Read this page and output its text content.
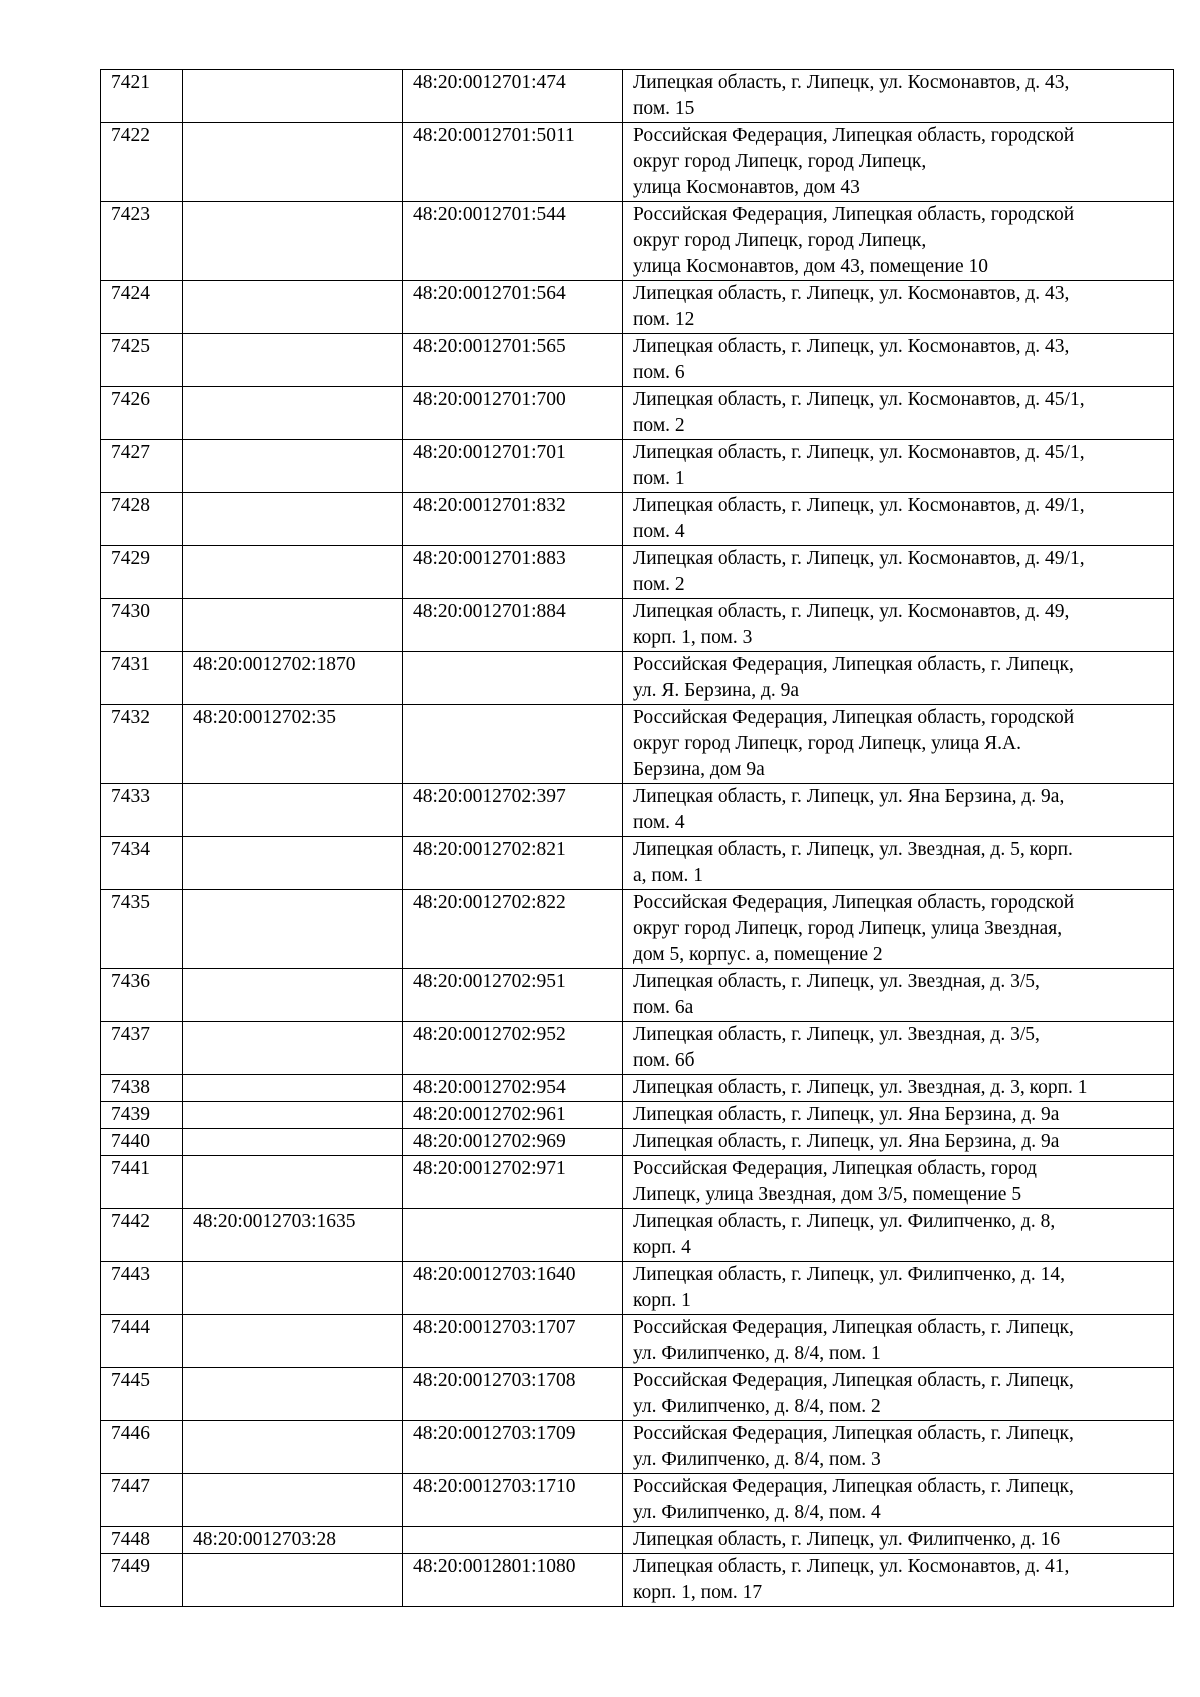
7421		48:20:0012701:474	Липецкая область, г. Липецк, ул. Космонавтов, д. 43,
пом. 15

7422		48:20:0012701:5011	Российская Федерация, Липецкая область, городской
округ город Липецк, город Липецк,
улица Космонавтов, дом 43

7423		48:20:0012701:544	Российская Федерация, Липецкая область, городской
округ город Липецк, город Липецк,
улица Космонавтов, дом 43, помещение 10

7424		48:20:0012701:564	Липецкая область, г. Липецк, ул. Космонавтов, д. 43,
пом. 12

7425		48:20:0012701:565	Липецкая область, г. Липецк, ул. Космонавтов, д. 43,
пом. 6

7426		48:20:0012701:700	Липецкая область, г. Липецк, ул. Космонавтов, д. 45/1,
пом. 2

7427		48:20:0012701:701	Липецкая область, г. Липецк, ул. Космонавтов, д. 45/1,
пом. 1

7428		48:20:0012701:832	Липецкая область, г. Липецк, ул. Космонавтов, д. 49/1,
пом. 4

7429		48:20:0012701:883	Липецкая область, г. Липецк, ул. Космонавтов, д. 49/1,
пом. 2

7430		48:20:0012701:884	Липецкая область, г. Липецк, ул. Космонавтов, д. 49,
корп. 1, пом. 3

7431	48:20:0012702:1870		Российская Федерация, Липецкая область, г. Липецк,
ул. Я. Берзина, д. 9а

7432	48:20:0012702:35		Российская Федерация, Липецкая область, городской
округ город Липецк, город Липецк, улица Я.А.
Берзина, дом 9а

7433		48:20:0012702:397	Липецкая область, г. Липецк, ул. Яна Берзина, д. 9а,
пом. 4

7434		48:20:0012702:821	Липецкая область, г. Липецк, ул. Звездная, д. 5, корп.
а, пом. 1

7435		48:20:0012702:822	Российская Федерация, Липецкая область, городской
округ город Липецк, город Липецк, улица Звездная,
дом 5, корпус. а, помещение 2

7436		48:20:0012702:951	Липецкая область, г. Липецк, ул. Звездная, д. 3/5,
пом. 6а

7437		48:20:0012702:952	Липецкая область, г. Липецк, ул. Звездная, д. 3/5,
пом. 6б

7438		48:20:0012702:954	Липецкая область, г. Липецк, ул. Звездная, д. 3, корп. 1

7439		48:20:0012702:961	Липецкая область, г. Липецк, ул. Яна Берзина, д. 9а

7440		48:20:0012702:969	Липецкая область, г. Липецк, ул. Яна Берзина, д. 9а

7441		48:20:0012702:971	Российская Федерация, Липецкая область, город
Липецк, улица Звездная, дом 3/5, помещение 5

7442	48:20:0012703:1635		Липецкая область, г. Липецк, ул. Филипченко, д. 8,
корп. 4

7443		48:20:0012703:1640	Липецкая область, г. Липецк, ул. Филипченко, д. 14,
корп. 1

7444		48:20:0012703:1707	Российская Федерация, Липецкая область, г. Липецк,
ул. Филипченко, д. 8/4, пом. 1

7445		48:20:0012703:1708	Российская Федерация, Липецкая область, г. Липецк,
ул. Филипченко, д. 8/4, пом. 2

7446		48:20:0012703:1709	Российская Федерация, Липецкая область, г. Липецк,
ул. Филипченко, д. 8/4, пом. 3

7447		48:20:0012703:1710	Российская Федерация, Липецкая область, г. Липецк,
ул. Филипченко, д. 8/4, пом. 4

7448	48:20:0012703:28		Липецкая область, г. Липецк, ул. Филипченко, д. 16

7449		48:20:0012801:1080	Липецкая область, г. Липецк, ул. Космонавтов, д. 41,
корп. 1, пом. 17
